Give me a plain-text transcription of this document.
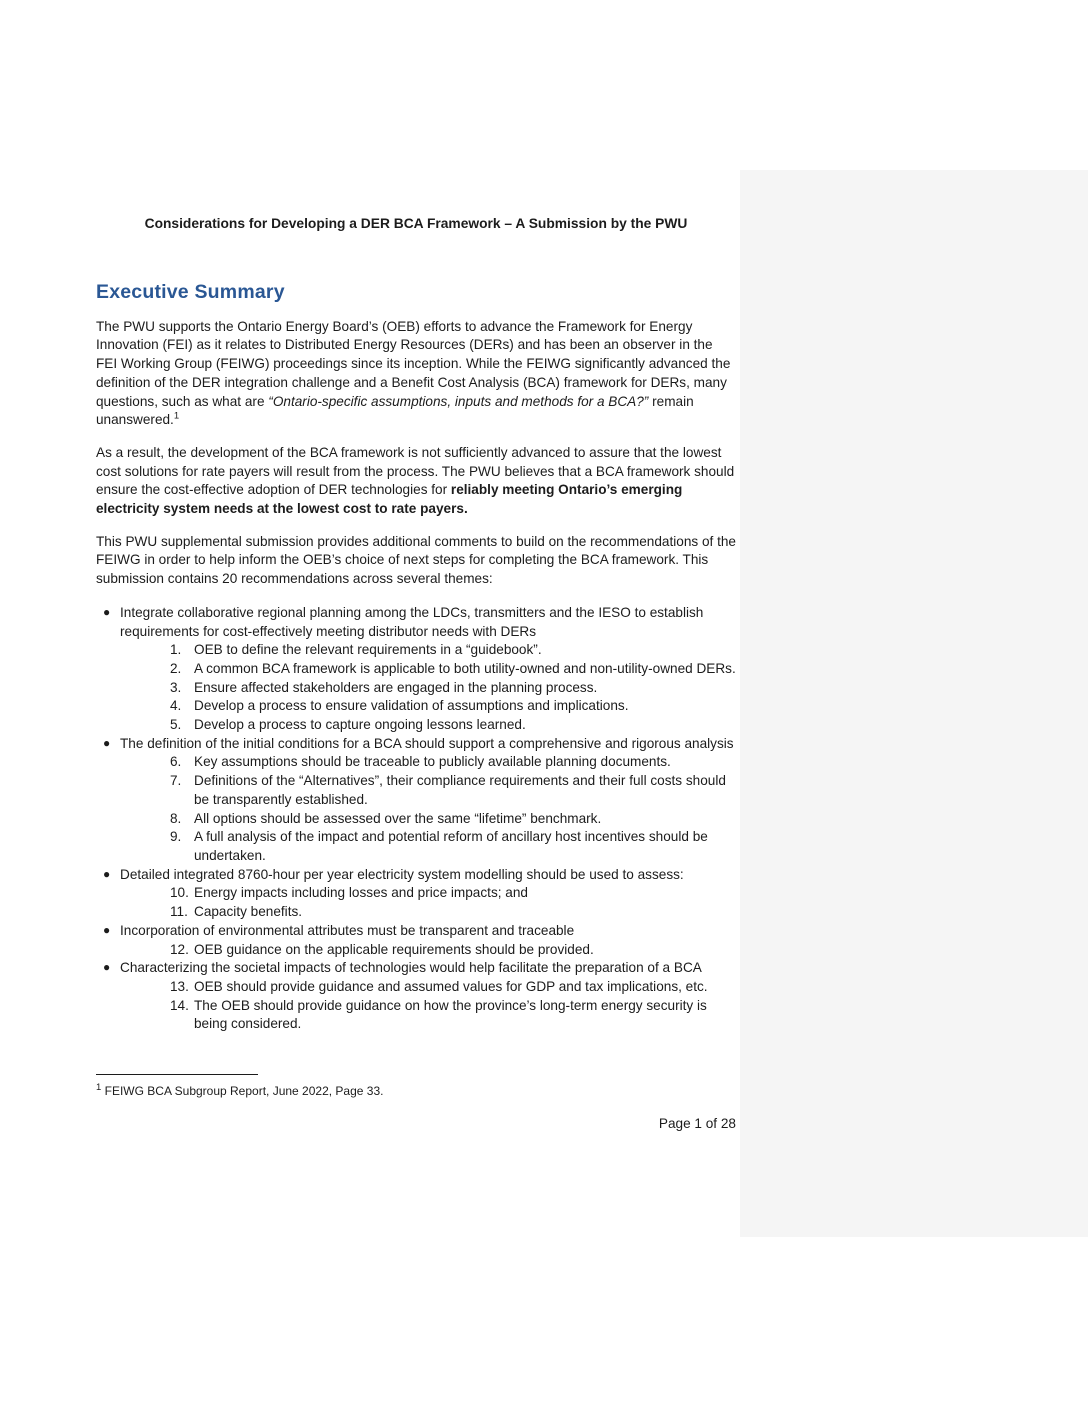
Considerations for Developing a DER BCA Framework – A Submission by the PWU
Executive Summary

The PWU supports the Ontario Energy Board’s (OEB) efforts to advance the Framework for Energy Innovation (FEI) as it relates to Distributed Energy Resources (DERs) and has been an observer in the FEI Working Group (FEIWG) proceedings since its inception. While the FEIWG significantly advanced the definition of the DER integration challenge and a Benefit Cost Analysis (BCA) framework for DERs, many questions, such as what are “Ontario-specific assumptions, inputs and methods for a BCA?” remain unanswered.$^1$

As a result, the development of the BCA framework is not sufficiently advanced to assure that the lowest cost solutions for rate payers will result from the process. The PWU believes that a BCA framework should ensure the cost-effective adoption of DER technologies for reliably meeting Ontario’s emerging electricity system needs at the lowest cost to rate payers.

This PWU supplemental submission provides additional comments to build on the recommendations of the FEIWG in order to help inform the OEB’s choice of next steps for completing the BCA framework. This submission contains 20 recommendations across several themes:

● Integrate collaborative regional planning among the LDCs, transmitters and the IESO to establish requirements for cost-effectively meeting distributor needs with DERs
1. OEB to define the relevant requirements in a “guidebook”.
2. A common BCA framework is applicable to both utility-owned and non-utility-owned DERs.
3. Ensure affected stakeholders are engaged in the planning process.
4. Develop a process to ensure validation of assumptions and implications.
5. Develop a process to capture ongoing lessons learned.
● The definition of the initial conditions for a BCA should support a comprehensive and rigorous analysis
6. Key assumptions should be traceable to publicly available planning documents.
7. Definitions of the “Alternatives”, their compliance requirements and their full costs should be transparently established.
8. All options should be assessed over the same “lifetime” benchmark.
9. A full analysis of the impact and potential reform of ancillary host incentives should be undertaken.
● Detailed integrated 8760-hour per year electricity system modelling should be used to assess:
10. Energy impacts including losses and price impacts; and
11. Capacity benefits.
● Incorporation of environmental attributes must be transparent and traceable
12. OEB guidance on the applicable requirements should be provided.
● Characterizing the societal impacts of technologies would help facilitate the preparation of a BCA
13. OEB should provide guidance and assumed values for GDP and tax implications, etc.
14. The OEB should provide guidance on how the province’s long-term energy security is being considered.
$^1$ FEIWG BCA Subgroup Report, June 2022, Page 33.
Page 1 of 28
